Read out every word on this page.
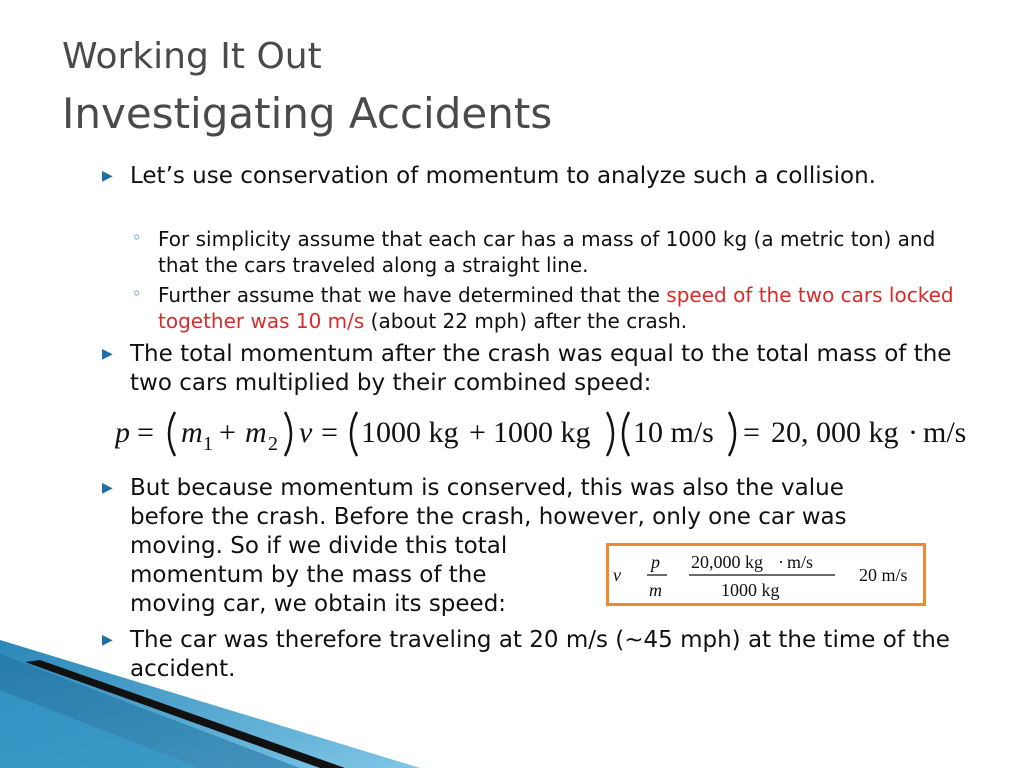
Working It Out
Investigating Accidents
▶ Let’s use conservation of momentum to analyze such a collision.
◦ For simplicity assume that each car has a mass of 1000 kg (a metric ton) and that the cars traveled along a straight line.
◦ Further assume that we have determined that the speed of the two cars locked together was 10 m/s (about 22 mph) after the crash.
▶ The total momentum after the crash was equal to the total mass of the two cars multiplied by their combined speed:
p = m 1 + m 2 v = 1000 kg + 1000 kg 10 m/s = 20, 000 kg · m/s
▶ But because momentum is conserved, this was also the value
before the crash. Before the crash, however, only one car was
moving. So if we divide this total
momentum by the mass of the
moving car, we obtain its speed:
v
p
m
20,000 kg · m/s
1000 kg
20 m/s
▶ The car was therefore traveling at 20 m/s (~45 mph) at the time of the accident.
